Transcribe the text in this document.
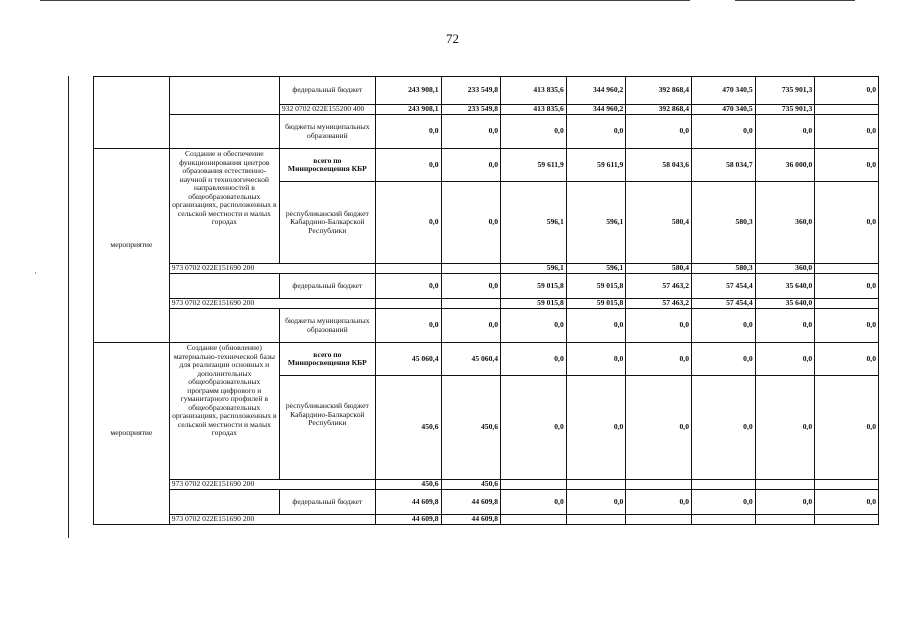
·
72
		федеральный бюджет	243 908,1	233 549,8	413 835,6	344 960,2	392 868,4	470 340,5	735 901,3	0,0
		932 0702 022E155200 400	243 908,1	233 549,8	413 835,6	344 960,2	392 868,4	470 340,5	735 901,3	
		бюджеты муниципальных образований	0,0	0,0	0,0	0,0	0,0	0,0	0,0	0,0
мероприятие	Создание и обеспечение функционирования центров образования естественно-научной и технологической направленностей в общеобразовательных организациях, расположенных в сельской местности и малых городах	всего по Минпросвещения КБР	0,0	0,0	59 611,9	59 611,9	58 043,6	58 034,7	36 000,0	0,0
		республиканский бюджет Кабардино-Балкарской Республики	0,0	0,0	596,1	596,1	580,4	580,3	360,0	0,0
	973 0702 022E151690 200				596,1	596,1	580,4	580,3	360,0	
		федеральный бюджет	0,0	0,0	59 015,8	59 015,8	57 463,2	57 454,4	35 640,0	0,0
	973 0702 022E151690 200				59 015,8	59 015,8	57 463,2	57 454,4	35 640,0	
		бюджеты муниципальных образований	0,0	0,0	0,0	0,0	0,0	0,0	0,0	0,0
мероприятие	Создание (обновление) материально-технической базы для реализации основных и дополнительных общеобразовательных программ цифрового и гуманитарного профилей в общеобразовательных организациях, расположенных в сельской местности и малых городах	всего по Минпросвещения КБР	45 060,4	45 060,4	0,0	0,0	0,0	0,0	0,0	0,0
		республиканский бюджет Кабардино-Балкарской Республики	450,6	450,6	0,0	0,0	0,0	0,0	0,0	0,0
	973 0702 022E151690 200		450,6	450,6						
		федеральный бюджет	44 609,8	44 609,8	0,0	0,0	0,0	0,0	0,0	0,0
	973 0702 022E151690 200		44 609,8	44 609,8						
